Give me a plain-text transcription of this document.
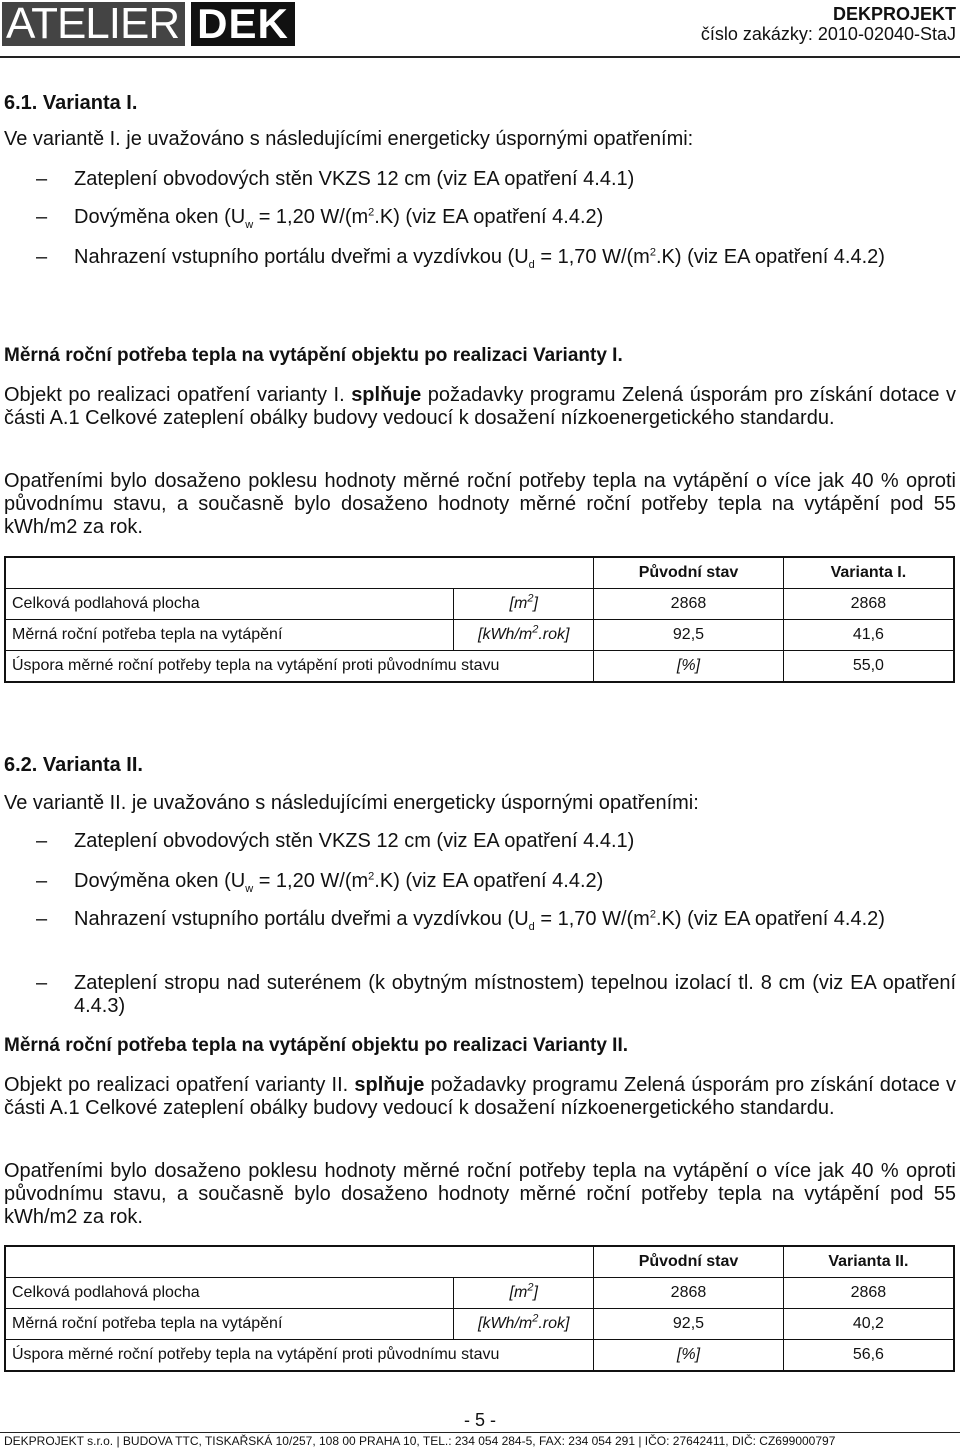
ATELIER DEK	DEKPROJEKT
číslo zakázky: 2010-02040-StaJ
6.1. Varianta I.
Ve variantě I. je uvažováno s následujícími energeticky úspornými opatřeními:
–	Zateplení obvodových stěn VKZS 12 cm (viz EA opatření 4.4.1)
–	Dovýměna oken ($U_w = 1,20$ $W/(m^2.K)$ (viz EA opatření 4.4.2)
–	Nahrazení vstupního portálu dveřmi a vyzdívkou ($U_d = 1,70$ $W/(m^2.K)$ (viz EA opatření 4.4.2)
Měrná roční potřeba tepla na vytápění objektu po realizaci Varianty I.
Objekt po realizaci opatření varianty I. splňuje požadavky programu Zelená úsporám pro získání dotace v části A.1 Celkové zateplení obálky budovy vedoucí k dosažení nízkoenergetického standardu.
Opatřeními bylo dosaženo poklesu hodnoty měrné roční potřeby tepla na vytápění o více jak 40 % oproti původnímu stavu, a současně bylo dosaženo hodnoty měrné roční potřeby tepla na vytápění pod 55 kWh/m2 za rok.
		Původní stav	Varianta I.
Celková podlahová plocha	$[m^2]$	2868	2868
Měrná roční potřeba tepla na vytápění	$[kWh/m^2.rok]$	92,5	41,6
Úspora měrné roční potřeby tepla na vytápění proti původnímu stavu		[%]	55,0
6.2. Varianta II.
Ve variantě II. je uvažováno s následujícími energeticky úspornými opatřeními:
–	Zateplení obvodových stěn VKZS 12 cm (viz EA opatření 4.4.1)
–	Dovýměna oken ($U_w = 1,20$ $W/(m^2.K)$ (viz EA opatření 4.4.2)
–	Nahrazení vstupního portálu dveřmi a vyzdívkou ($U_d = 1,70$ $W/(m^2.K)$ (viz EA opatření 4.4.2)
–	Zateplení stropu nad suterénem (k obytným místnostem) tepelnou izolací tl. 8 cm (viz EA opatření 4.4.3)
Měrná roční potřeba tepla na vytápění objektu po realizaci Varianty II.
Objekt po realizaci opatření varianty II. splňuje požadavky programu Zelená úsporám pro získání dotace v části A.1 Celkové zateplení obálky budovy vedoucí k dosažení nízkoenergetického standardu.
Opatřeními bylo dosaženo poklesu hodnoty měrné roční potřeby tepla na vytápění o více jak 40 % oproti původnímu stavu, a současně bylo dosaženo hodnoty měrné roční potřeby tepla na vytápění pod 55 kWh/m2 za rok.
		Původní stav	Varianta II.
Celková podlahová plocha	$[m^2]$	2868	2868
Měrná roční potřeba tepla na vytápění	$[kWh/m^2.rok]$	92,5	40,2
Úspora měrné roční potřeby tepla na vytápění proti původnímu stavu		[%]	56,6
- 5 -
DEKPROJEKT s.r.o. | BUDOVA TTC, TISKAŘSKÁ 10/257, 108 00 PRAHA 10, TEL.: 234 054 284-5, FAX: 234 054 291 | IČO: 27642411, DIČ: CZ699000797
